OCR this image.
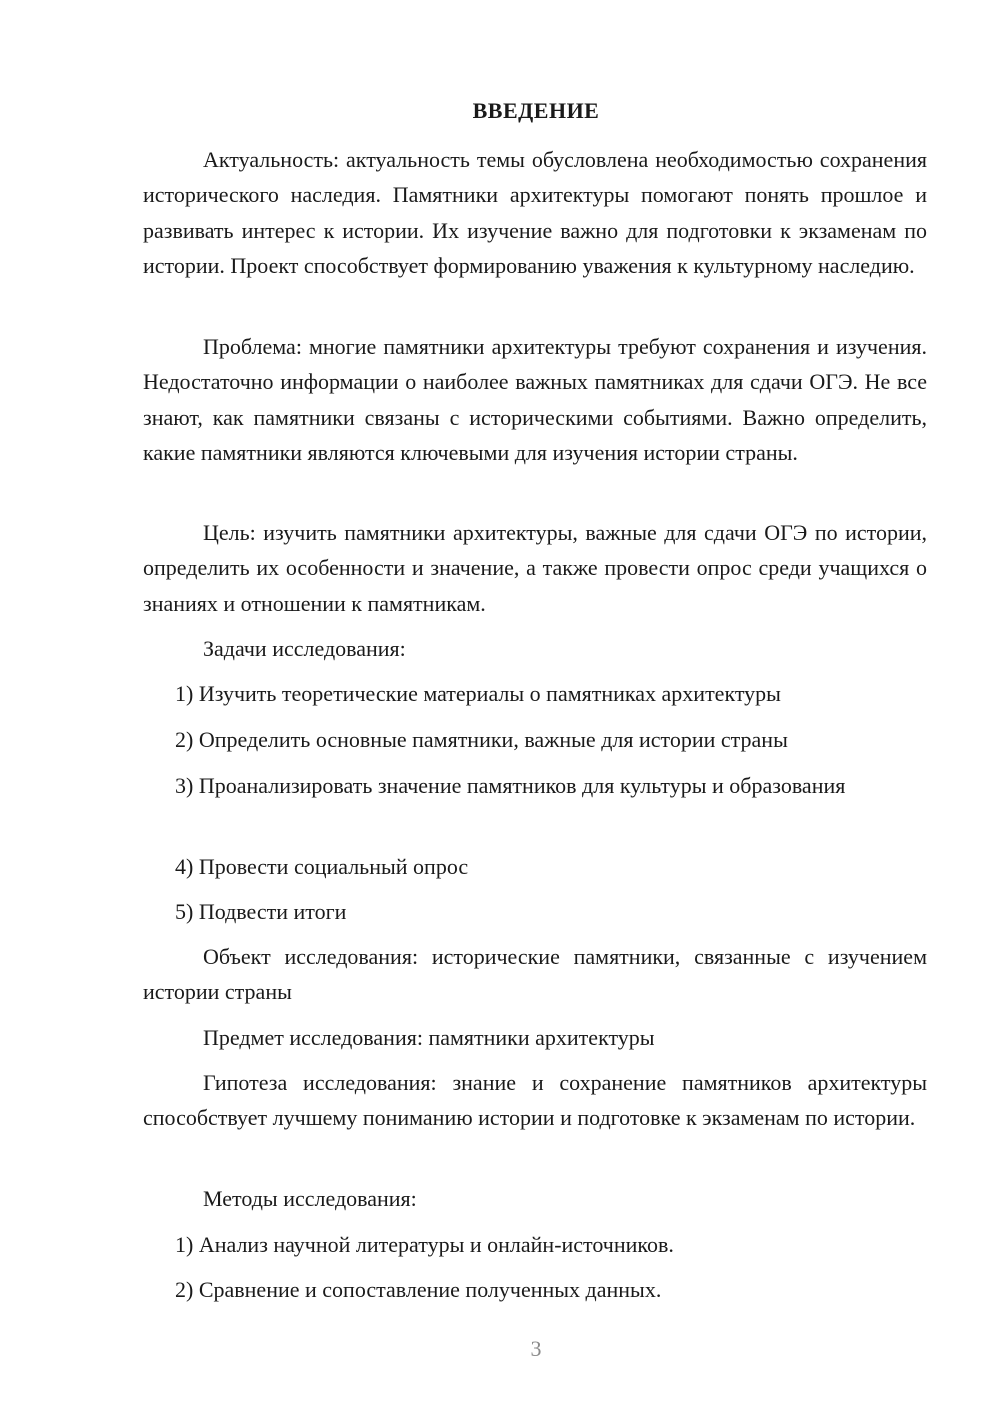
ВВЕДЕНИЕ

Актуальность: актуальность темы обусловлена необходимостью сохранения исторического наследия. Памятники архитектуры помогают понять прошлое и развивать интерес к истории. Их изучение важно для подготовки к экзаменам по истории. Проект способствует формированию уважения к культурному наследию.

Проблема: многие памятники архитектуры требуют сохранения и изучения. Недостаточно информации о наиболее важных памятниках для сдачи ОГЭ. Не все знают, как памятники связаны с историческими событиями. Важно определить, какие памятники являются ключевыми для изучения истории страны.

Цель: изучить памятники архитектуры, важные для сдачи ОГЭ по истории, определить их особенности и значение, а также провести опрос среди учащихся о знаниях и отношении к памятникам.

Задачи исследования:

1) Изучить теоретические материалы о памятниках архитектуры

2) Определить основные памятники, важные для истории страны

3) Проанализировать значение памятников для культуры и образования

4) Провести социальный опрос

5) Подвести итоги

Объект исследования: исторические памятники, связанные с изучением истории страны

Предмет исследования: памятники архитектуры

Гипотеза исследования: знание и сохранение памятников архитектуры способствует лучшему пониманию истории и подготовке к экзаменам по истории.

Методы исследования:

1) Анализ научной литературы и онлайн-источников.

2) Сравнение и сопоставление полученных данных.

3
